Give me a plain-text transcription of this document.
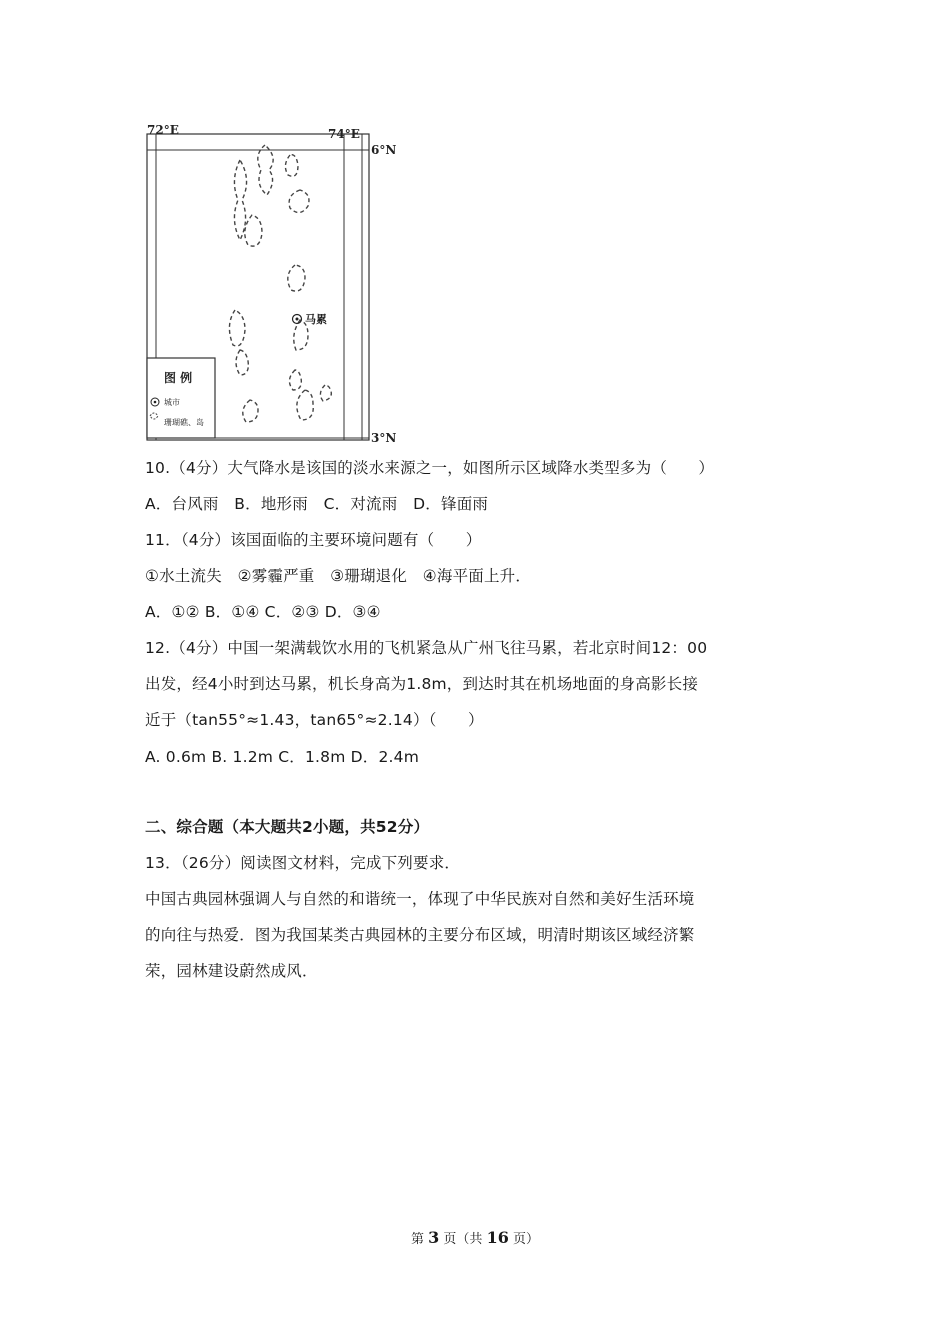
72°E	74°E
6°N
3°N
马累
图 例
城市
珊瑚礁、岛

10.（4分）大气降水是该国的淡水来源之一，如图所示区域降水类型多为（　　）

A．台风雨　B．地形雨　C．对流雨　D．锋面雨

11．（4分）该国面临的主要环境问题有（　　）

①水土流失　②雾霾严重　③珊瑚退化　④海平面上升．

A．①② B．①④ C．②③ D．③④

12.（4分）中国一架满载饮水用的飞机紧急从广州飞往马累，若北京时间12：00

出发，经4小时到达马累，机长身高为1.8m，到达时其在机场地面的身高影长接

近于（tan55°≈1.43，tan65°≈2.14）（　　）

A. 0.6m B. 1.2m C．1.8m D．2.4m

二、综合题（本大题共2小题，共52分）

13．（26分）阅读图文材料，完成下列要求．

中国古典园林强调人与自然的和谐统一，体现了中华民族对自然和美好生活环境

的向往与热爱．图为我国某类古典园林的主要分布区域，明清时期该区域经济繁

荣，园林建设蔚然成风．

第 3 页（共 16 页）
